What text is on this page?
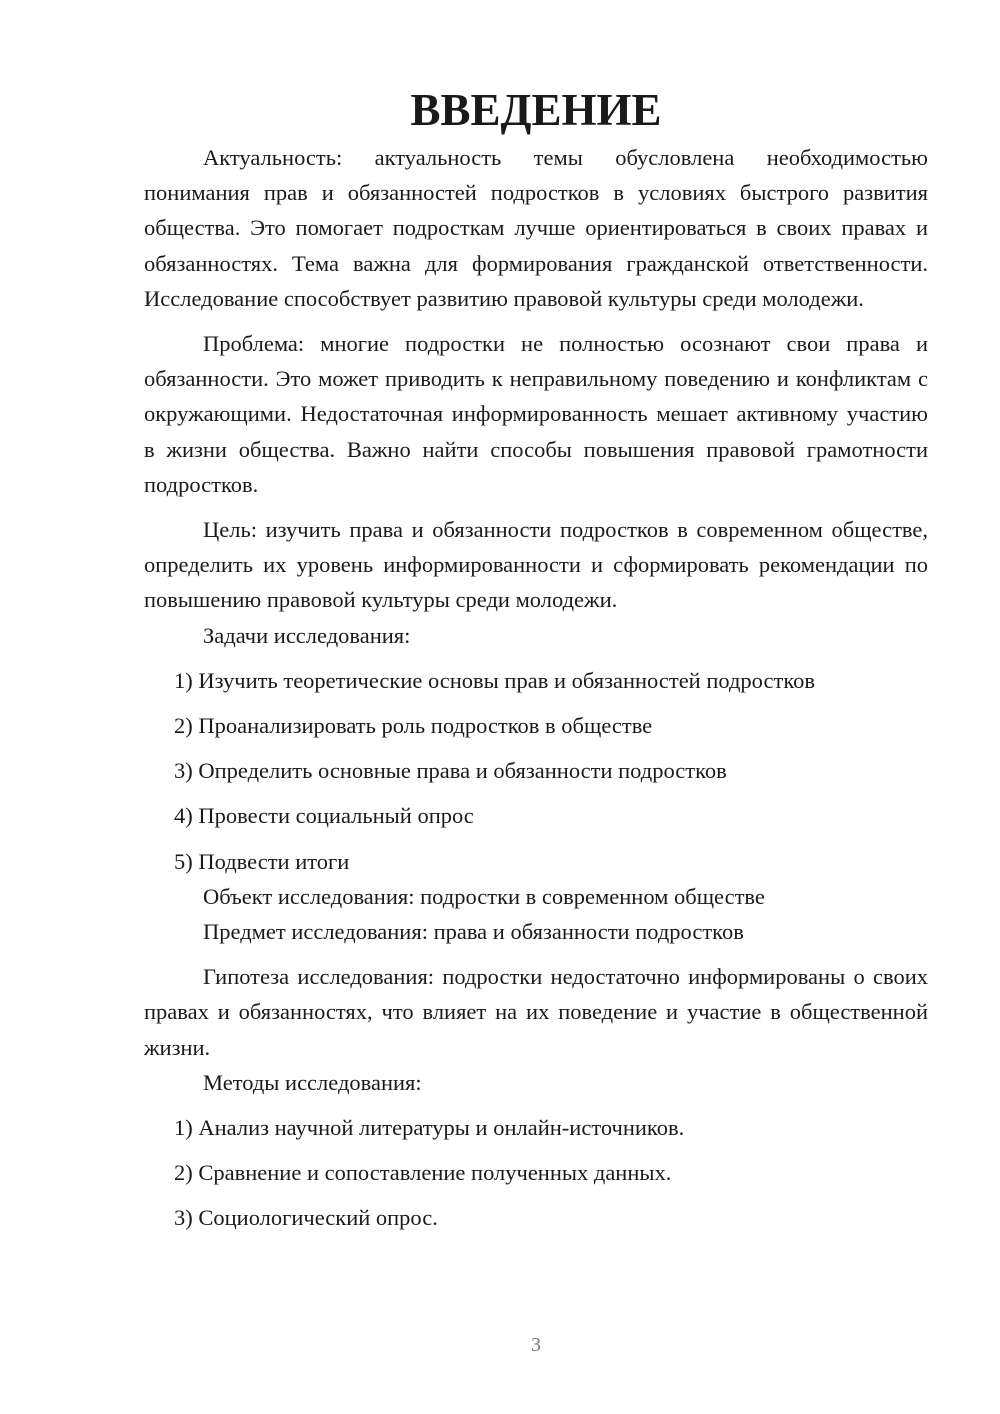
ВВЕДЕНИЕ

Актуальность: актуальность темы обусловлена необходимостью понимания прав и обязанностей подростков в условиях быстрого развития общества. Это помогает подросткам лучше ориентироваться в своих правах и обязанностях. Тема важна для формирования гражданской ответственности. Исследование способствует развитию правовой культуры среди молодежи.

Проблема: многие подростки не полностью осознают свои права и обязанности. Это может приводить к неправильному поведению и конфликтам с окружающими. Недостаточная информированность мешает активному участию в жизни общества. Важно найти способы повышения правовой грамотности подростков.

Цель: изучить права и обязанности подростков в современном обществе, определить их уровень информированности и сформировать рекомендации по повышению правовой культуры среди молодежи.

Задачи исследования:

1) Изучить теоретические основы прав и обязанностей подростков
2) Проанализировать роль подростков в обществе
3) Определить основные права и обязанности подростков
4) Провести социальный опрос
5) Подвести итоги

Объект исследования: подростки в современном обществе

Предмет исследования: права и обязанности подростков

Гипотеза исследования: подростки недостаточно информированы о своих правах и обязанностях, что влияет на их поведение и участие в общественной жизни.

Методы исследования:

1) Анализ научной литературы и онлайн-источников.
2) Сравнение и сопоставление полученных данных.
3) Социологический опрос.
3
